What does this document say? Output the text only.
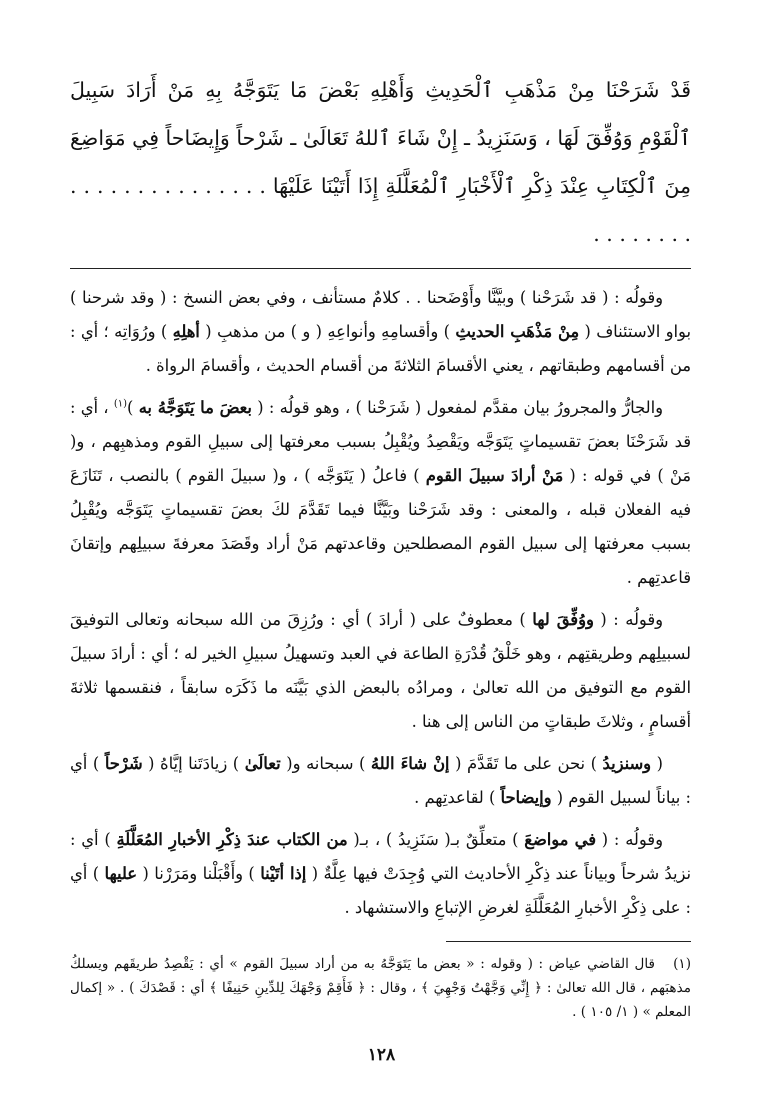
قَدْ شَرَحْنَا مِنْ مَذْهَبِ ٱلْحَدِيثِ وَأَهْلِهِ بَعْضَ مَا يَتَوَجَّهُ بِهِ مَنْ أَرَادَ سَبِيلَ ٱلْقَوْمِ وَوُفِّقَ لَهَا ، وَسَنَزِيدُ ـ إِنْ شَاءَ ٱللهُ تَعَالَىٰ ـ شَرْحاً وَإِيضَاحاً فِي مَوَاضِعَ مِنَ ٱلْكِتَابِ عِنْدَ ذِكْرِ ٱلْأَخْبَارِ ٱلْمُعَلَّلَةِ إِذَا أَتَيْنَا عَلَيْهَا . . . . . . . . . . . . . . . . . . . . . . .

وقولُه : ( قد شَرَحْنا ) وبيَّنَّا وأَوْضَحنا . . كلامٌ مستأنف ، وفي بعض النسخ : ( وقد شرحنا ) بواو الاستئناف ( مِنْ مَذْهَبِ الحديثِ ) وأقسامِهِ وأنواعِهِ ( و ) من مذهبِ ( أهلِهِ ) ورُوَاتِه ؛ أي : من أقسامهم وطبقاتهم ، يعني الأقسامَ الثلاثةَ من أقسام الحديث ، وأقسامَ الرواة .

والجارُّ والمجرورُ بيان مقدَّم لمفعول ( شَرَحْنا ) ، وهو قولُه : ( بعضَ ما يَتَوَجَّهُ به )$^{(١)}$ ، أي : قد شَرَحْنَا بعضَ تقسيماتٍ يَتَوَجَّه ويَقْصِدُ ويُقْبِلُ بسبب معرفتها إلى سبيلِ القوم ومذهبِهم ، و( مَنْ ) في قوله : ( مَنْ أرادَ سبيلَ القوم ) فاعلُ ( يَتَوَجَّه ) ، و( سبيلَ القوم ) بالنصب ، تَنَازَعَ فيه الفعلان قبله ، والمعنى : وقد شَرَحْنا وبَيَّنَّا فيما تَقَدَّمَ لكَ بعضَ تقسيماتٍ يَتَوَجَّه ويُقْبِلُ بسبب معرفتها إلى سبيل القوم المصطلحين وقاعدتهم مَنْ أراد وقَصَدَ معرفةَ سبيلِهم وإتقانَ قاعدتِهم .

وقولُه : ( ووُفِّقَ لها ) معطوفٌ على ( أرادَ ) أي : ورُزِقَ من الله سبحانه وتعالى التوفيقَ لسبيلِهم وطريقتِهم ، وهو خَلْقُ قُدْرَةِ الطاعة في العبد وتسهيلُ سبيلِ الخير له ؛ أي : أرادَ سبيلَ القوم مع التوفيق من الله تعالىٰ ، ومرادُه بالبعض الذي بَيَّنَه ما ذَكَرَه سابقاً ، فنقسمها ثلاثةَ أقسامٍ ، وثلاثَ طبقاتٍ من الناس إلى هنا .

( وسنزيدُ ) نحن على ما تَقَدَّمَ ( إنْ شاءَ اللهُ ) سبحانه و( تعالَىٰ ) زيادَتَنا إيَّاهُ ( شَرْحاً ) أي : بياناً لسبيل القوم ( وإيضاحاً ) لقاعدتِهم .

وقولُه : ( في مواضعَ ) متعلِّقٌ بـ( سَنَزِيدُ ) ، بـ( من الكتاب عندَ ذِكْرِ الأخبارِ المُعَلَّلَةِ ) أي : نزيدُ شرحاً وبياناً عند ذِكْرِ الأحاديث التي وُجِدَتْ فيها عِلَّةٌ ( إذا أتَيْنا ) وأَقْبَلْنا ومَرَرْنا ( عليها ) أي : على ذِكْرِ الأخبارِ المُعَلَّلَةِ لغرضِ الإتباعِ والاستشهاد .

(١)قال القاضي عياض : ( وقوله : « بعض ما يَتَوَجَّهُ به من أراد سبيلَ القوم » أي : يَقْصِدُ طريقَهم ويسلكُ مذهبَهم ، قال الله تعالىٰ : ﴿ إِنِّي وَجَّهْتُ وَجْهِيَ ﴾ ، وقال : ﴿ فَأَقِمْ وَجْهَكَ لِلدِّينِ حَنِيفًا ﴾ أي : قَصْدَكَ ) . « إكمال المعلم » ( ١/ ١٠٥ ) .

١٢٨
